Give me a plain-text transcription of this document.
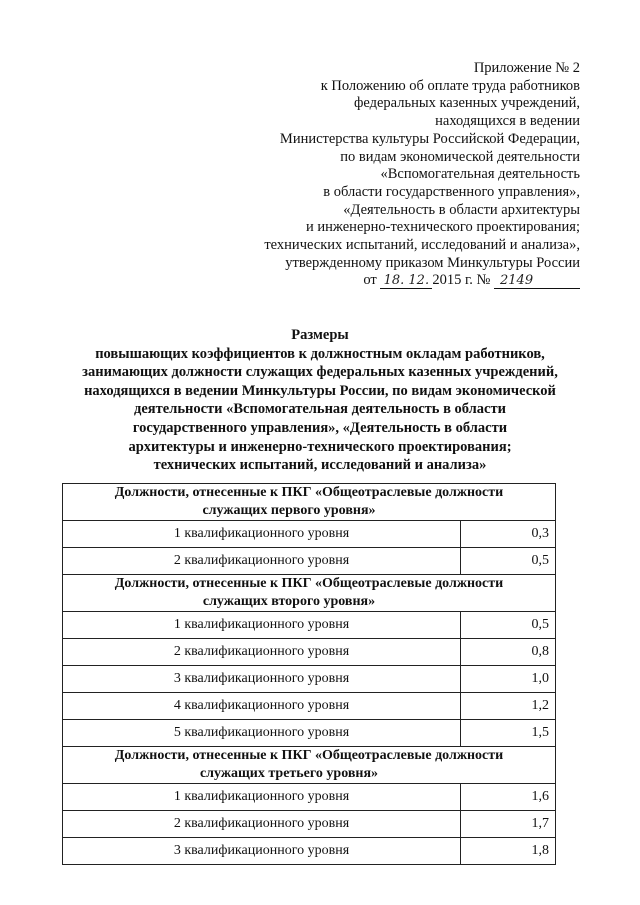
Приложение № 2
к Положению об оплате труда работников
федеральных казенных учреждений,
находящихся в ведении
Министерства культуры Российской Федерации,
по видам экономической деятельности
«Вспомогательная деятельность
в области государственного управления»,
«Деятельность в области архитектуры
и инженерно-технического проектирования;
технических испытаний, исследований и анализа»,
утвержденному приказом Минкультуры России
от 18. 12. 2015 г. № 2149
Размеры
повышающих коэффициентов к должностным окладам работников,
занимающих должности служащих федеральных казенных учреждений,
находящихся в ведении Минкультуры России, по видам экономической
деятельности «Вспомогательная деятельность в области
государственного управления», «Деятельность в области
архитектуры и инженерно-технического проектирования;
технических испытаний, исследований и анализа»
Должности, отнесенные к ПКГ «Общеотраслевые должности
служащих первого уровня»	

1 квалификационного уровня	0,3
2 квалификационного уровня	0,5
Должности, отнесенные к ПКГ «Общеотраслевые должности
служащих второго уровня»	

1 квалификационного уровня	0,5
2 квалификационного уровня	0,8
3 квалификационного уровня	1,0
4 квалификационного уровня	1,2
5 квалификационного уровня	1,5
Должности, отнесенные к ПКГ «Общеотраслевые должности
служащих третьего уровня»	

1 квалификационного уровня	1,6
2 квалификационного уровня	1,7
3 квалификационного уровня	1,8
